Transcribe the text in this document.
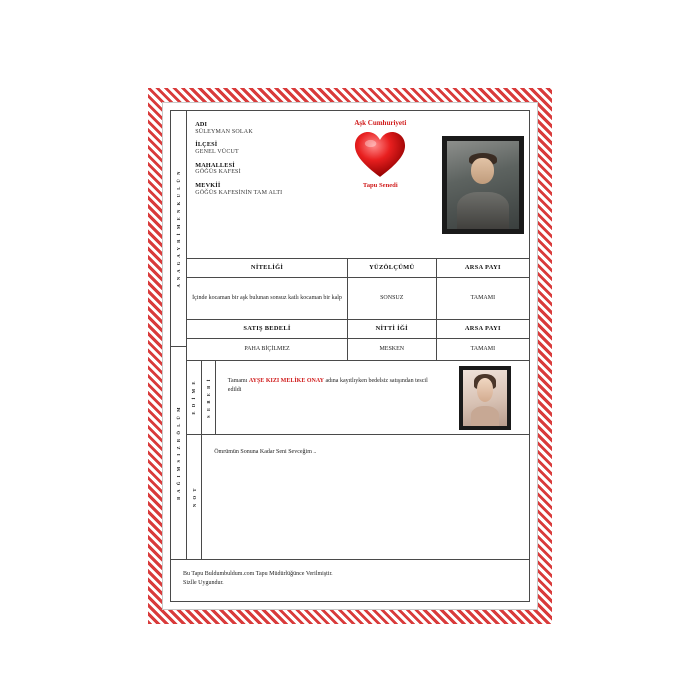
A N A G A Y R İ M E N K U L Ü N
B A Ğ I M S I Z B Ö L Ü M
ADI
SÜLEYMAN SOLAK
İLÇESİ
GENEL VÜCUT
MAHALLESİ
GÖĞÜS KAFESİ
MEVKİİ
GÖĞÜS KAFESİNİN TAM ALTI
Aşk Cumhuriyeti
Tapu Senedi
NİTELİĞİ	YÜZÖLÇÜMÜ	ARSA PAYI
İçinde kocaman bir aşk bulunan sonsuz katlı kocaman bir kalp	SONSUZ	TAMAMI
SATIŞ BEDELİ	NİTTİ İĞİ	ARSA PAYI
PAHA BİÇİLMEZ	MESKEN	TAMAMI
E D İ M E S E B E B İ	Tamamı AYŞE KIZI MELİKE ONAY adına kayıtlıyken bedelsiz satışından tescil edildi
N O T
Ömrümün Sonuna Kadar Seni Sevceğim ..
Bu Tapu Buldumbuldum.com Tapu Müdürlüğünce Verilmiştir.
Sizlle Uygundur.
